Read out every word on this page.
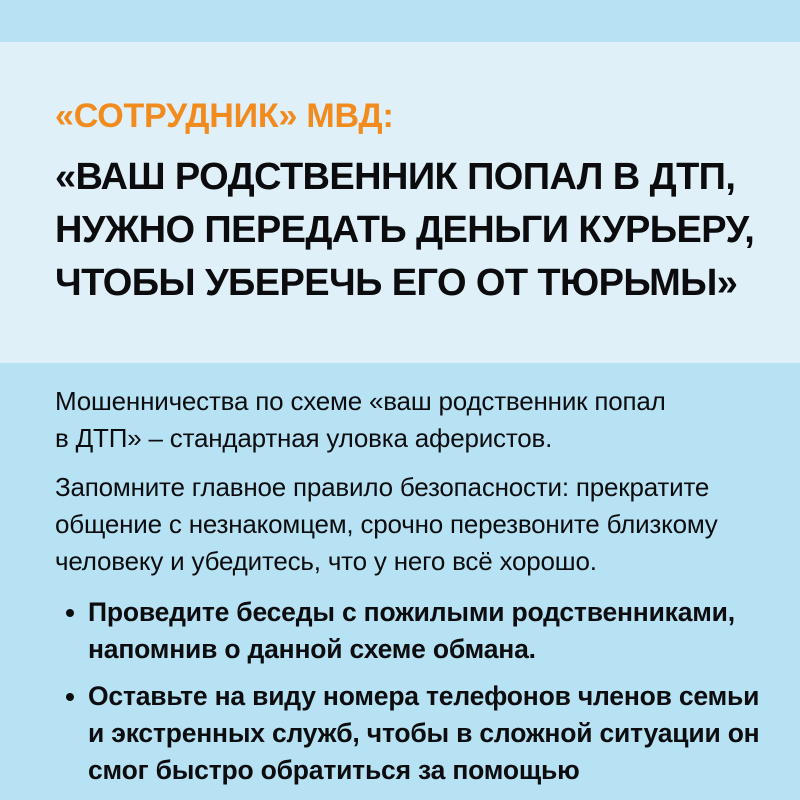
«СОТРУДНИК» МВД:
«ВАШ РОДСТВЕННИК ПОПАЛ В ДТП,
НУЖНО ПЕРЕДАТЬ ДЕНЬГИ КУРЬЕРУ,
ЧТОБЫ УБЕРЕЧЬ ЕГО ОТ ТЮРЬМЫ»
Мошенничества по схеме «ваш родственник попал
в ДТП» – стандартная уловка аферистов.
Запомните главное правило безопасности: прекратите
общение с незнакомцем, срочно перезвоните близкому
человеку и убедитесь, что у него всё хорошо.
Проведите беседы с пожилыми родственниками,
напомнив о данной схеме обмана.
Оставьте на виду номера телефонов членов семьи
и экстренных служб, чтобы в сложной ситуации он
смог быстро обратиться за помощью
